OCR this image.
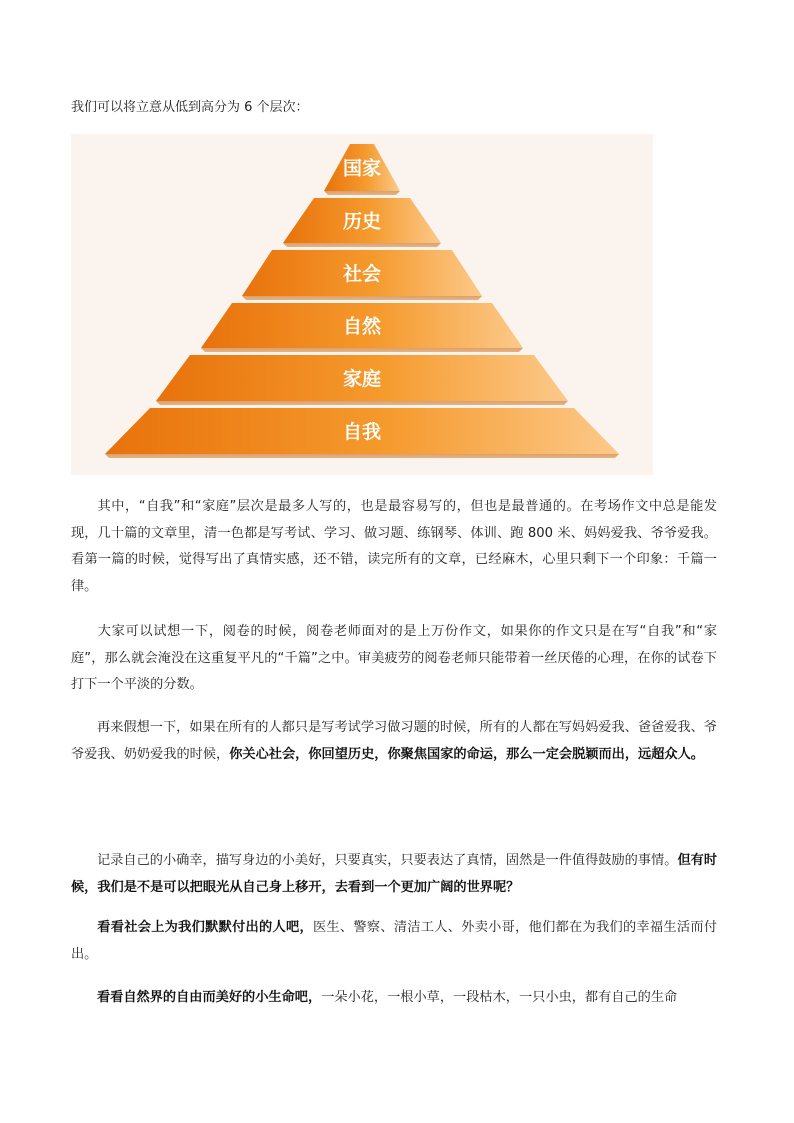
我们可以将立意从低到高分为 6 个层次：
国家
历史
社会
自然
家庭
自我

其中，“自我”和“家庭”层次是最多人写的，也是最容易写的，但也是最普通的。在考场作文中总是能发现，几十篇的文章里，清一色都是写考试、学习、做习题、练钢琴、体训、跑 800 米、妈妈爱我、爷爷爱我。看第一篇的时候，觉得写出了真情实感，还不错，读完所有的文章，已经麻木，心里只剩下一个印象：千篇一律。

大家可以试想一下，阅卷的时候，阅卷老师面对的是上万份作文，如果你的作文只是在写“自我”和“家庭”，那么就会淹没在这重复平凡的“千篇”之中。审美疲劳的阅卷老师只能带着一丝厌倦的心理，在你的试卷下打下一个平淡的分数。

再来假想一下，如果在所有的人都只是写考试学习做习题的时候，所有的人都在写妈妈爱我、爸爸爱我、爷爷爱我、奶奶爱我的时候，你关心社会，你回望历史，你聚焦国家的命运，那么一定会脱颖而出，远超众人。

记录自己的小确幸，描写身边的小美好，只要真实，只要表达了真情，固然是一件值得鼓励的事情。但有时候，我们是不是可以把眼光从自己身上移开，去看到一个更加广阔的世界呢？

看看社会上为我们默默付出的人吧，医生、警察、清洁工人、外卖小哥，他们都在为我们的幸福生活而付出。

看看自然界的自由而美好的小生命吧，一朵小花，一根小草，一段枯木，一只小虫，都有自己的生命
